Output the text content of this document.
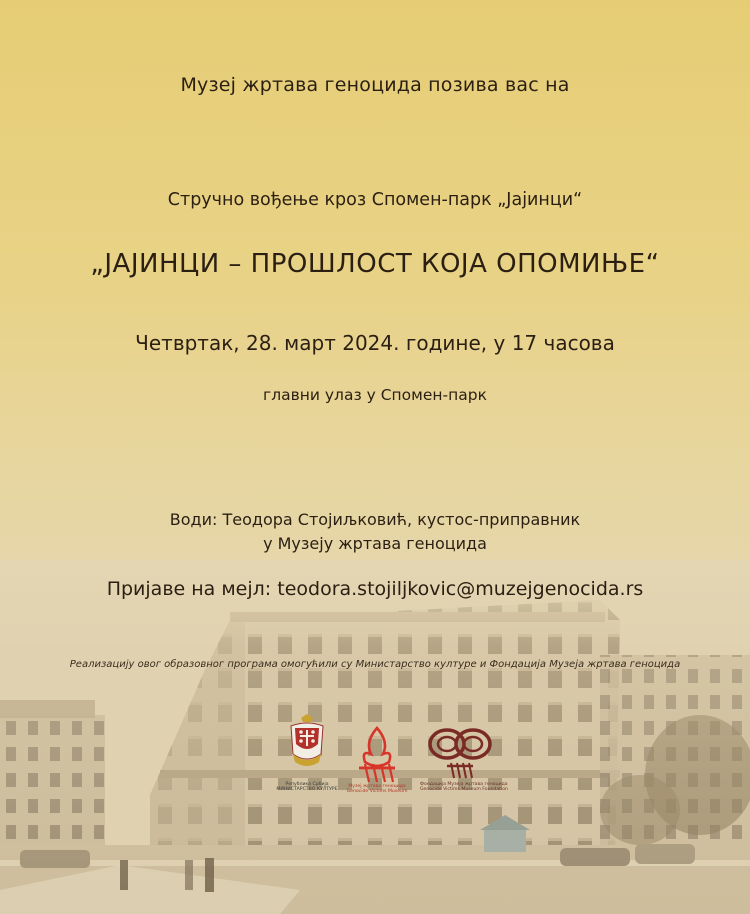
Музеј жртава геноцида позива вас на
Стручно вођење кроз Спомен-парк „Јајинци“
„ЈАЈИНЦИ – ПРОШЛОСТ КОЈА ОПОМИЊЕ“
Четвртак, 28. март 2024. године, у 17 часова
главни улаз у Спомен-парк
Води: Теодора Стојиљковић, кустос-приправник
у Музеју жртава геноцида
Пријаве на мејл: teodora.stojiljkovic@muzejgenocida.rs
Реализацију овог образовног програма омогућили су Министарство културе и Фондација Музеја жртава геноцида
Република Србија
МИНИСТАРСТВО КУЛТУРЕ
Музеј жртава геноцида
Genocide Victims Museum
Фондација Музеја жртава геноцида
Genocide Victims Museum Foundation
